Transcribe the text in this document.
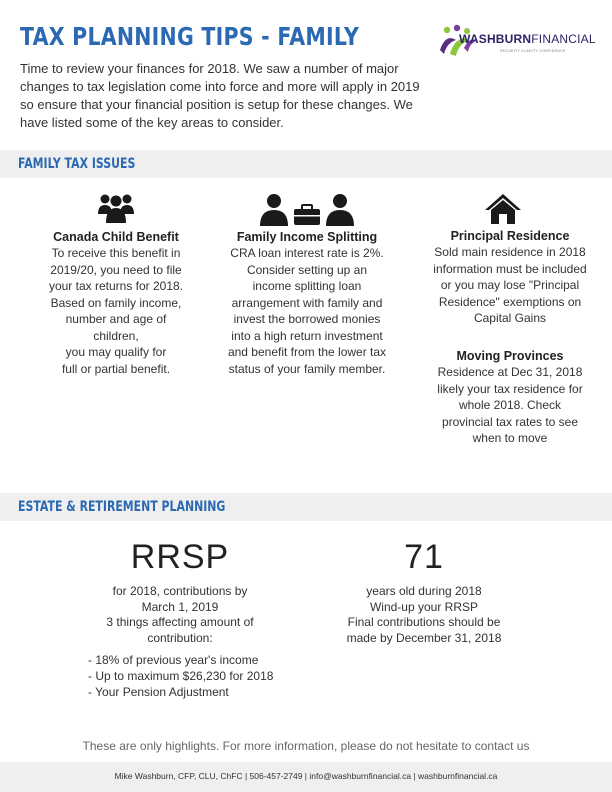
TAX PLANNING TIPS - FAMILY	WASHBURNFINANCIAL
SECURITY CLARITY CONFIDENCE
Time to review your finances for 2018. We saw a number of major changes to tax legislation come into force and more will apply in 2019 so ensure that your financial position is setup for these changes. We have listed some of the key areas to consider.
FAMILY TAX ISSUES
Canada Child Benefit

To receive this benefit in

2019/20, you need to file

your tax returns for 2018.

Based on family income,

number and age of

children,

you may qualify for

full or partial benefit.

Family Income Splitting

CRA loan interest rate is 2%.

Consider setting up an

income splitting loan

arrangement with family and

invest the borrowed monies

into a high return investment

and benefit from the lower tax

status of your family member.

Principal Residence

Sold main residence in 2018

information must be included

or you may lose "Principal

Residence" exemptions on

Capital Gains

Moving Provinces

Residence at Dec 31, 2018

likely your tax residence for

whole 2018. Check

provincial tax rates to see

when to move

ESTATE & RETIREMENT PLANNING
RRSP

for 2018, contributions by

March 1, 2019

3 things affecting amount of

contribution:

- 18% of previous year's income
- Up to maximum $26,230 for 2018
- Your Pension Adjustment
71

years old during 2018

Wind-up your RRSP

Final contributions should be

made by December 31, 2018

These are only highlights. For more information, please do not hesitate to contact us
Mike Washburn, CFP, CLU, ChFC | 506-457-2749 | info@washburnfinancial.ca | washburnfinancial.ca
